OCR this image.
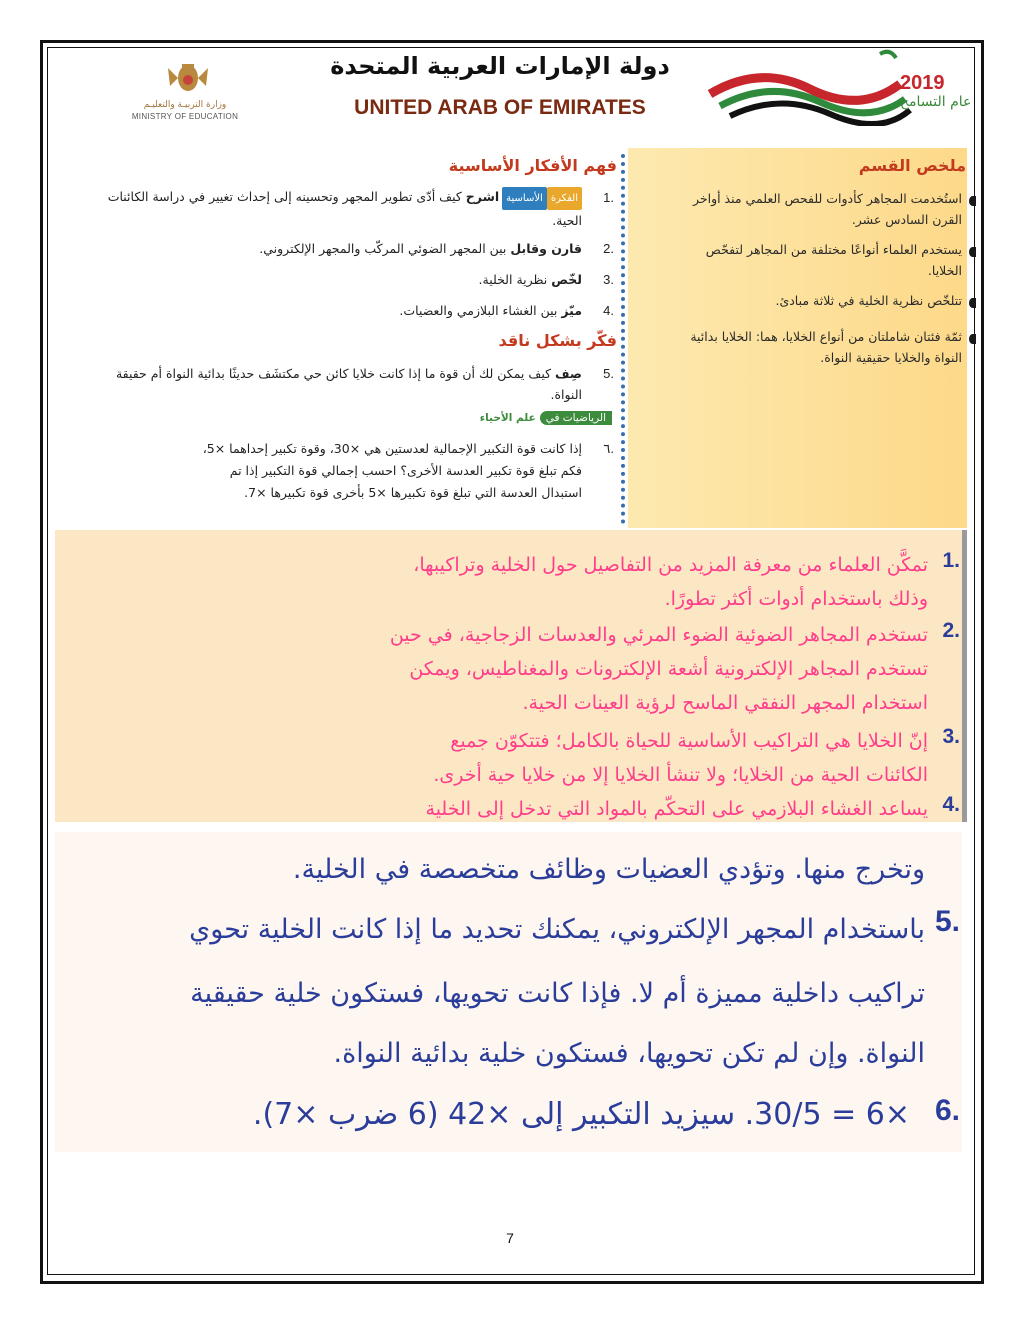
وزارة التربيـة والتعليـم
MINISTRY OF EDUCATION
دولة الإمارات العربية المتحدة
UNITED ARAB OF EMIRATES
2019
عام التسامح
ملخص القسم
استُخدمت المجاهر كأدوات للفحص العلمي منذ أواخر القرن السادس عشر.
يستخدم العلماء أنواعًا مختلفة من المجاهر لتفحّص الخلايا.
تتلخّص نظرية الخلية في ثلاثة مبادئ.
ثمّة فئتان شاملتان من أنواع الخلايا، هما: الخلايا بدائية النواة والخلايا حقيقية النواة.
فهم الأفكار الأساسية
1.
الفكرةالأساسيةاشرح كيف أدّى تطوير المجهر وتحسينه إلى إحداث تغيير في دراسة الكائنات الحية.
2.
قارن وقابل بين المجهر الضوئي المركّب والمجهر الإلكتروني.
3.
لخّص نظرية الخلية.
4.
ميّز بين الغشاء البلازمي والعضيات.
فكّر بشكل ناقد
5.
صِف كيف يمكن لك أن قوة ما إذا كانت خلايا كائن حي مكتشَف حديثًا بدائية النواة أم حقيقة النواة.
الرياضيات فيعلم الأحياء
٦.
إذا كانت قوة التكبير الإجمالية لعدستين هي ×30، وقوة تكبير إحداهما ×5،
فكم تبلغ قوة تكبير العدسة الأخرى؟ احسب إجمالي قوة التكبير إذا تم
استبدال العدسة التي تبلغ قوة تكبيرها ×5 بأخرى قوة تكبيرها ×7.
1.
تمكَّن العلماء من معرفة المزيد من التفاصيل حول الخلية وتراكيبها،
وذلك باستخدام أدوات أكثر تطورًا.
2.
تستخدم المجاهر الضوئية الضوء المرئي والعدسات الزجاجية، في حين
تستخدم المجاهر الإلكترونية أشعة الإلكترونات والمغناطيس، ويمكن
استخدام المجهر النفقي الماسح لرؤية العينات الحية.
3.
إنّ الخلايا هي التراكيب الأساسية للحياة بالكامل؛ فتتكوّن جميع
الكائنات الحية من الخلايا؛ ولا تنشأ الخلايا إلا من خلايا حية أخرى.
4.
يساعد الغشاء البلازمي على التحكّم بالمواد التي تدخل إلى الخلية
وتخرج منها. وتؤدي العضيات وظائف متخصصة في الخلية.
5.
باستخدام المجهر الإلكتروني، يمكنك تحديد ما إذا كانت الخلية تحوي
تراكيب داخلية مميزة أم لا. فإذا كانت تحويها، فستكون خلية حقيقية
النواة. وإن لم تكن تحويها، فستكون خلية بدائية النواة.
6.
×6 = 30/5. سيزيد التكبير إلى ×42 (6 ضرب ×7).
7
